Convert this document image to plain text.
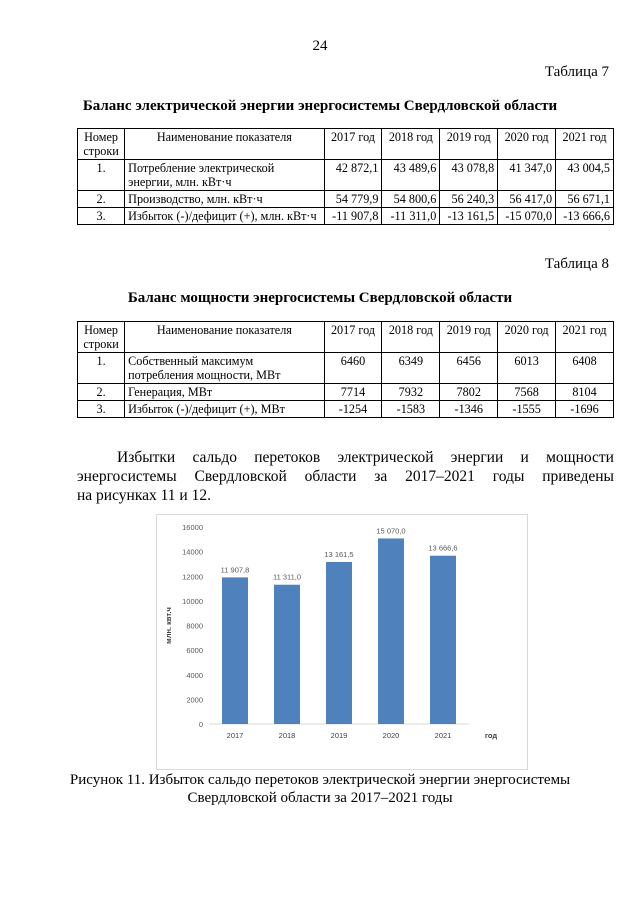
24
Таблица 7
Баланс электрической энергии энергосистемы Свердловской области
Номер строки	Наименование показателя	2017 год	2018 год	2019 год	2020 год	2021 год
1.	Потребление электрической энергии, млн. кВт·ч	42 872,1	43 489,6	43 078,8	41 347,0	43 004,5
2.	Производство, млн. кВт·ч	54 779,9	54 800,6	56 240,3	56 417,0	56 671,1
3.	Избыток (-)/дефицит (+), млн. кВт·ч	-11 907,8	-11 311,0	-13 161,5	-15 070,0	-13 666,6
Таблица 8
Баланс мощности энергосистемы Свердловской области
Номер строки	Наименование показателя	2017 год	2018 год	2019 год	2020 год	2021 год
1.	Собственный максимум потребления мощности, МВт	6460	6349	6456	6013	6408
2.	Генерация, МВт	7714	7932	7802	7568	8104
3.	Избыток (-)/дефицит (+), МВт	-1254	-1583	-1346	-1555	-1696
Избытки сальдо перетоков электрической энергии и мощности
энергосистемы Свердловской области за 2017–2021 годы приведены
на рисунках 11 и 12.
0
2000
4000
6000
8000
10000
12000
14000
16000
11 907,8
2017
11 311,0
2018
13 161,5
2019
15 070,0
2020
13 666,6
2021	год
млн. квт.ч
Рисунок 11. Избыток сальдо перетоков электрической энергии энергосистемы
Свердловской области за 2017–2021 годы
